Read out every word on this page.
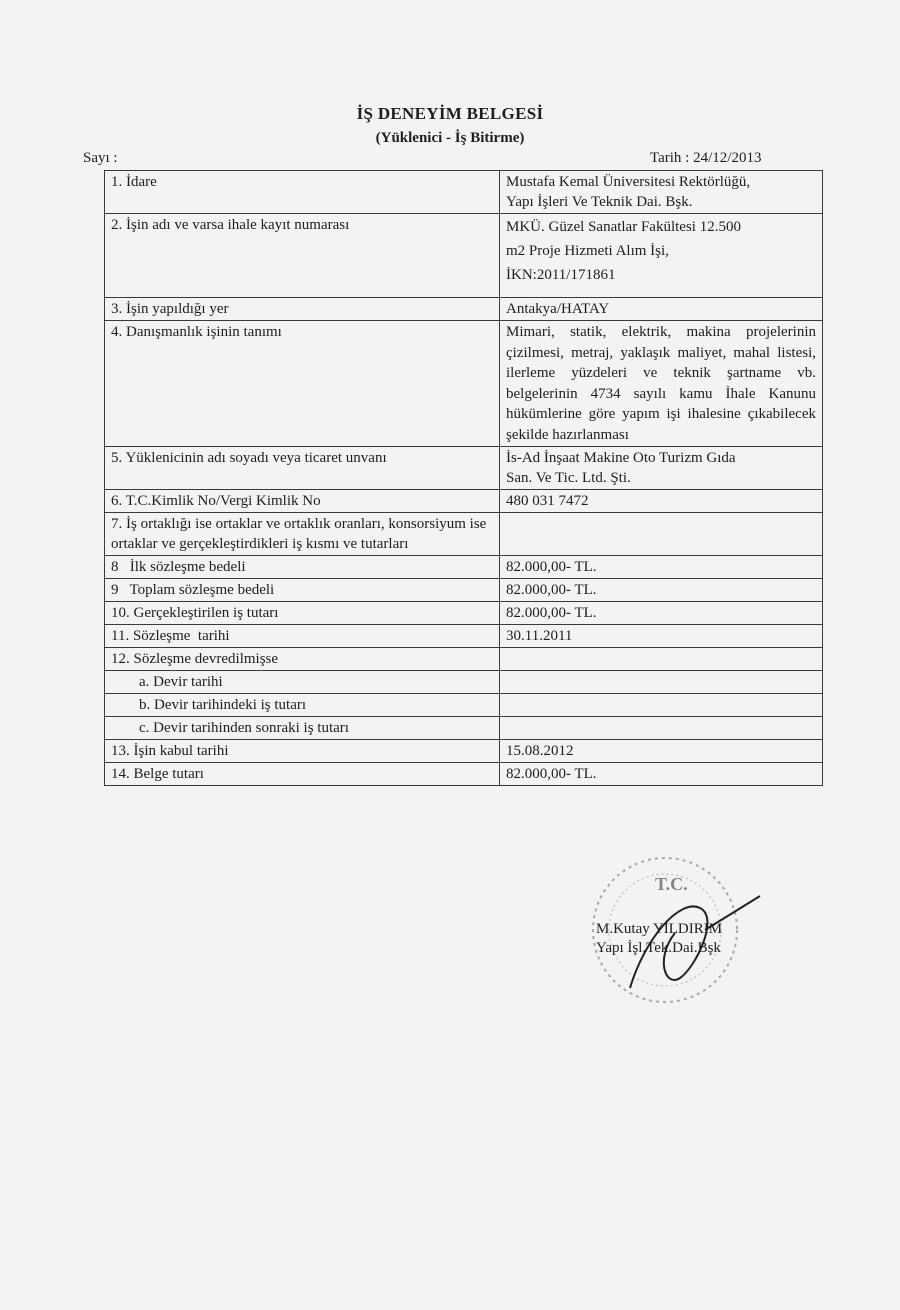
İŞ DENEYİM BELGESİ
(Yüklenici - İş Bitirme)
Sayı :	Tarih : 24/12/2013
1. İdare	Mustafa Kemal Üniversitesi Rektörlüğü,
Yapı İşleri Ve Teknik Dai. Bşk.
2. İşin adı ve varsa ihale kayıt numarası	MKÜ. Güzel Sanatlar Fakültesi 12.500
m2 Proje Hizmeti Alım İşi,
İKN:2011/171861
3. İşin yapıldığı yer	Antakya/HATAY
4. Danışmanlık işinin tanımı	Mimari, statik, elektrik, makina projelerinin çizilmesi, metraj, yaklaşık maliyet, mahal listesi, ilerleme yüzdeleri ve teknik şartname vb. belgelerinin 4734 sayılı kamu İhale Kanunu hükümlerine göre yapım işi ihalesine çıkabilecek şekilde hazırlanması
5. Yüklenicinin adı soyadı veya ticaret unvanı	İs-Ad İnşaat Makine Oto Turizm Gıda
San. Ve Tic. Ltd. Şti.
6. T.C.Kimlik No/Vergi Kimlik No	480 031 7472
7. İş ortaklığı ise ortaklar ve ortaklık oranları, konsorsiyum ise ortaklar ve gerçekleştirdikleri iş kısmı ve tutarları	
8   İlk sözleşme bedeli	82.000,00- TL.
9   Toplam sözleşme bedeli	82.000,00- TL.
10. Gerçekleştirilen iş tutarı	82.000,00- TL.
11. Sözleşme  tarihi	30.11.2011
12. Sözleşme devredilmişse	
a. Devir tarihi	
b. Devir tarihindeki iş tutarı	
c. Devir tarihinden sonraki iş tutarı	
13. İşin kabul tarihi	15.08.2012
14. Belge tutarı	82.000,00- TL.
T.C.
M.Kutay YILDIRIM
Yapı İşl.Tek.Dai.Bşk
